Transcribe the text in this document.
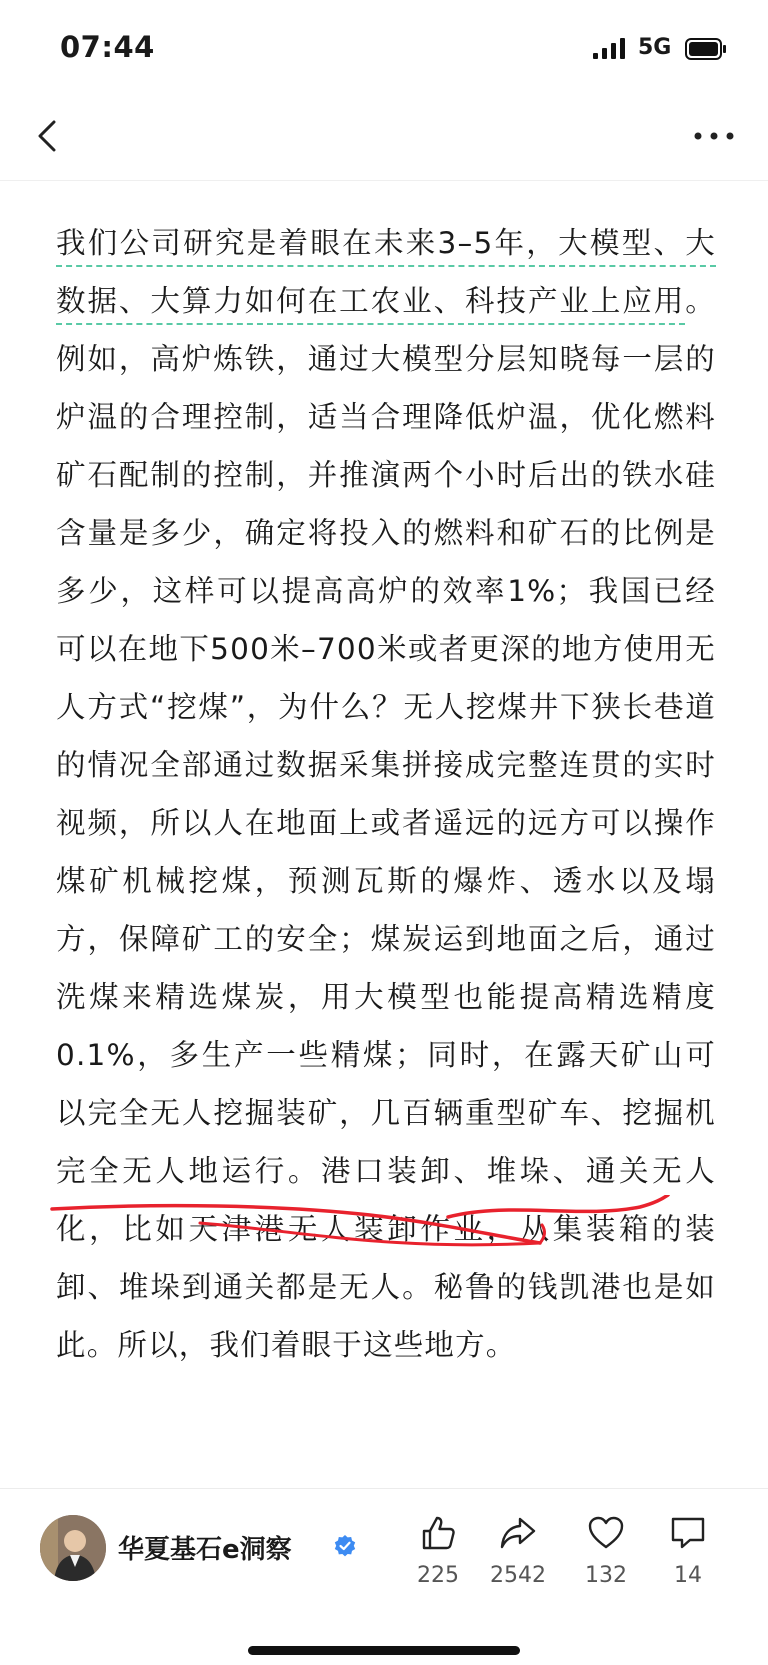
07:44	5G

我们公司研究是着眼在未来3–5年，大模型、大数据、大算力如何在工农业、科技产业上应用。例如，高炉炼铁，通过大模型分层知晓每一层的炉温的合理控制，适当合理降低炉温，优化燃料矿石配制的控制，并推演两个小时后出的铁水硅含量是多少，确定将投入的燃料和矿石的比例是多少，这样可以提高高炉的效率1%；我国已经可以在地下500米–700米或者更深的地方使用无人方式“挖煤”，为什么？无人挖煤井下狭长巷道的情况全部通过数据采集拼接成完整连贯的实时视频，所以人在地面上或者遥远的远方可以操作煤矿机械挖煤，预测瓦斯的爆炸、透水以及塌方，保障矿工的安全；煤炭运到地面之后，通过洗煤来精选煤炭，用大模型也能提高精选精度0.1%，多生产一些精煤；同时，在露天矿山可以完全无人挖掘装矿，几百辆重型矿车、挖掘机完全无人地运行。港口装卸、堆垛、通关无人化，比如天津港无人装卸作业，从集装箱的装卸、堆垛到通关都是无人。秘鲁的钱凯港也是如此。所以，我们着眼于这些地方。

华夏基石e洞察
225	2542	132	14
